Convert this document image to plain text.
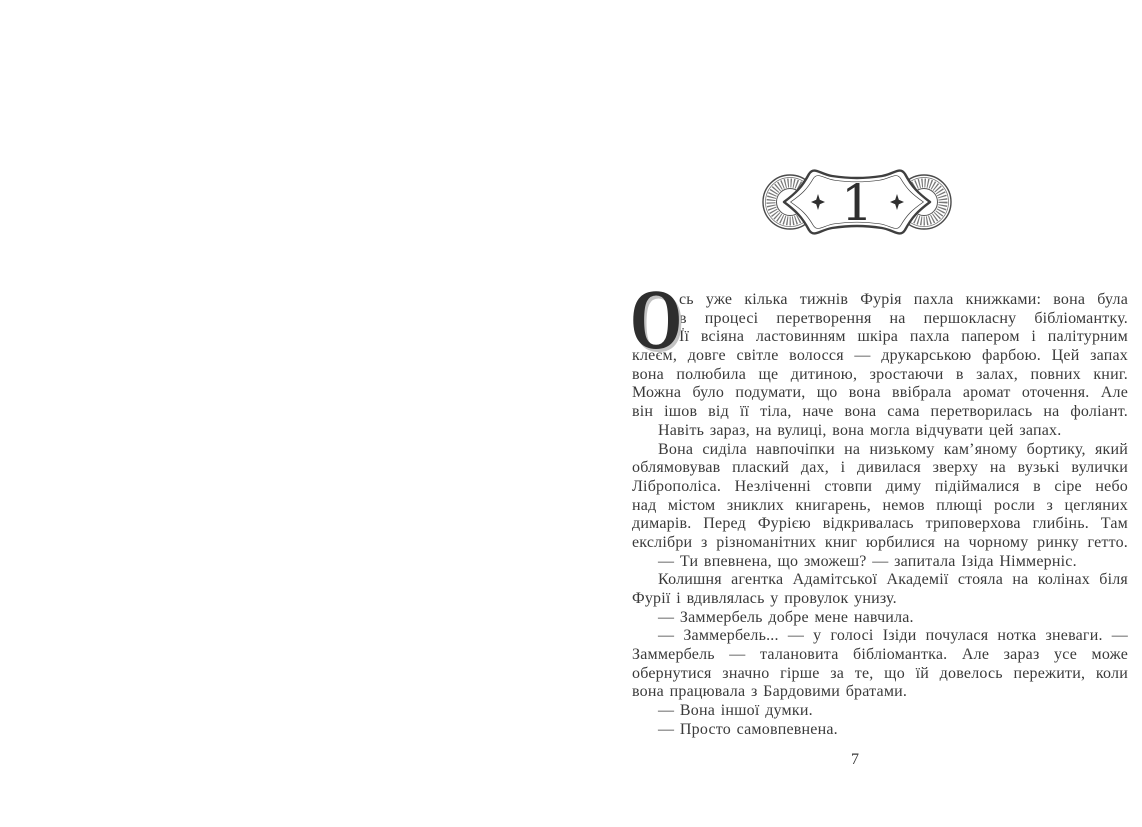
1
О
сь уже кілька тижнів Фурія пахла книжками: вона була
в процесі перетворення на першокласну бібліомантку.
Її всіяна ластовинням шкіра пахла папером і палітурним
клеєм, довге світле волосся — друкарською фарбою. Цей запах
вона полюбила ще дитиною, зростаючи в залах, повних книг.
Можна було подумати, що вона ввібрала аромат оточення. Але
він ішов від її тіла, наче вона сама перетворилась на фоліант.
Навіть зараз, на вулиці, вона могла відчувати цей запах.
Вона сиділа навпочіпки на низькому кам’яному бортику, який
облямовував плаский дах, і дивилася зверху на вузькі вулички
Ліброполіса. Незліченні стовпи диму підіймалися в сіре небо
над містом зниклих книгарень, немов плющі росли з цегляних
димарів. Перед Фурією відкривалась триповерхова глибінь. Там
екслібри з різноманітних книг юрбилися на чорному ринку гетто.
— Ти впевнена, що зможеш? — запитала Ізіда Німмерніс.
Колишня агентка Адамітської Академії стояла на колінах біля
Фурії і вдивлялась у провулок унизу.
— Заммербель добре мене навчила.
— Заммербель... — у голосі Ізіди почулася нотка зневаги. —
Заммербель — талановита бібліомантка. Але зараз усе може
обернутися значно гірше за те, що їй довелось пережити, коли
вона працювала з Бардовими братами.
— Вона іншої думки.
— Просто самовпевнена.
7
